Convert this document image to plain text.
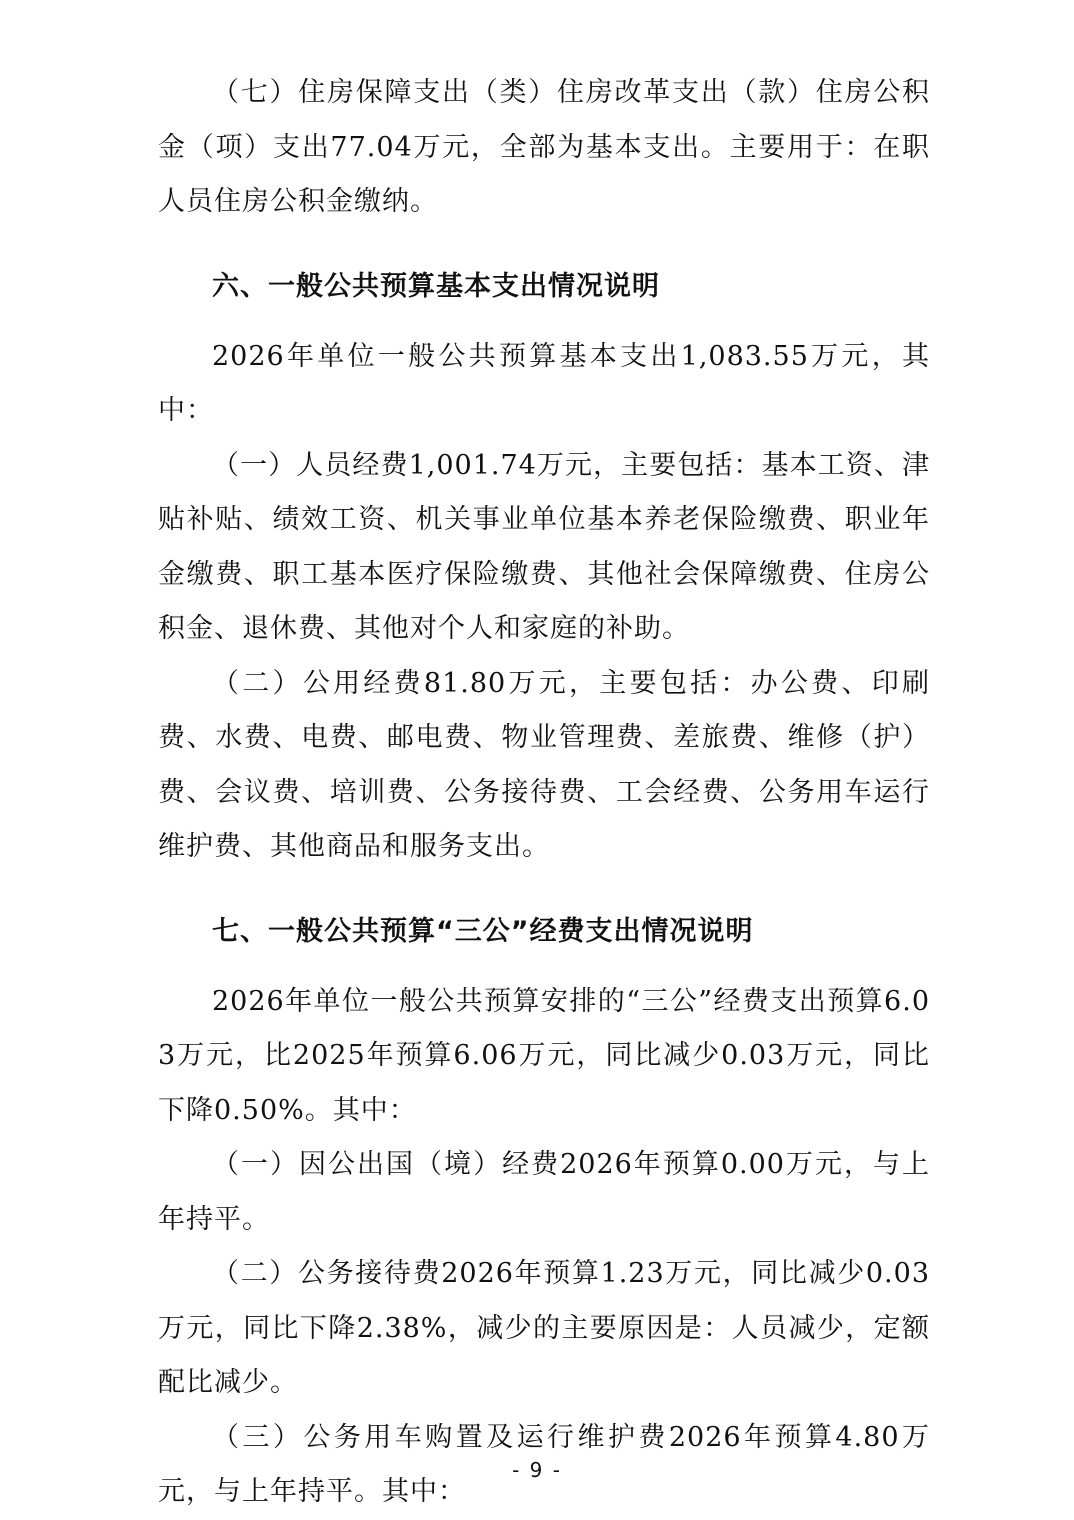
（七）住房保障支出（类）住房改革支出（款）住房公积金（项）支出77.04万元，全部为基本支出。主要用于：在职人员住房公积金缴纳。

六、一般公共预算基本支出情况说明

2026年单位一般公共预算基本支出1,083.55万元，其中：

（一）人员经费1,001.74万元，主要包括：基本工资、津贴补贴、绩效工资、机关事业单位基本养老保险缴费、职业年金缴费、职工基本医疗保险缴费、其他社会保障缴费、住房公积金、退休费、其他对个人和家庭的补助。

（二）公用经费81.80万元，主要包括：办公费、印刷费、水费、电费、邮电费、物业管理费、差旅费、维修（护）费、会议费、培训费、公务接待费、工会经费、公务用车运行维护费、其他商品和服务支出。

七、一般公共预算“三公”经费支出情况说明

2026年单位一般公共预算安排的“三公”经费支出预算6.03万元，比2025年预算6.06万元，同比减少0.03万元，同比下降0.50%。其中：

（一）因公出国（境）经费2026年预算0.00万元，与上年持平。

（二）公务接待费2026年预算1.23万元，同比减少0.03万元，同比下降2.38%，减少的主要原因是：人员减少，定额配比减少。

（三）公务用车购置及运行维护费2026年预算4.80万元，与上年持平。其中：

- 9 -
